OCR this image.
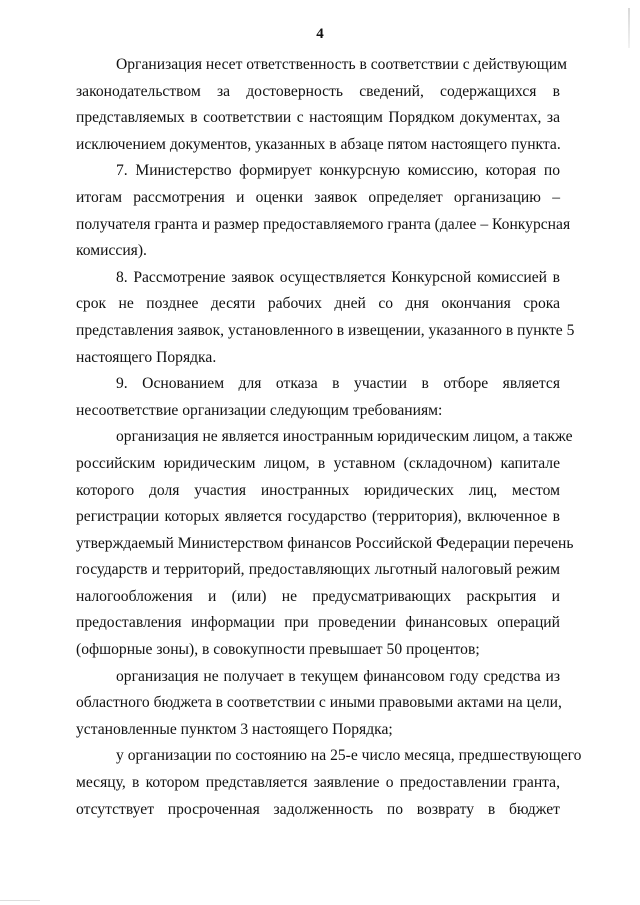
4
Организация несет ответственность в соответствии с действующим
законодательством за достоверность сведений, содержащихся в
представляемых в соответствии с настоящим Порядком документах, за
исключением документов, указанных в абзаце пятом настоящего пункта.
7. Министерство формирует конкурсную комиссию, которая по
итогам рассмотрения и оценки заявок определяет организацию –
получателя гранта и размер предоставляемого гранта (далее – Конкурсная
комиссия).
8. Рассмотрение заявок осуществляется Конкурсной комиссией в
срок не позднее десяти рабочих дней со дня окончания срока
представления заявок, установленного в извещении, указанного в пункте 5
настоящего Порядка.
9. Основанием для отказа в участии в отборе является
несоответствие организации следующим требованиям:
организация не является иностранным юридическим лицом, а также
российским юридическим лицом, в уставном (складочном) капитале
которого доля участия иностранных юридических лиц, местом
регистрации которых является государство (территория), включенное в
утверждаемый Министерством финансов Российской Федерации перечень
государств и территорий, предоставляющих льготный налоговый режим
налогообложения и (или) не предусматривающих раскрытия и
предоставления информации при проведении финансовых операций
(офшорные зоны), в совокупности превышает 50 процентов;
организация не получает в текущем финансовом году средства из
областного бюджета в соответствии с иными правовыми актами на цели,
установленные пунктом 3 настоящего Порядка;
у организации по состоянию на 25-е число месяца, предшествующего
месяцу, в котором представляется заявление о предоставлении гранта,
отсутствует просроченная задолженность по возврату в бюджет
